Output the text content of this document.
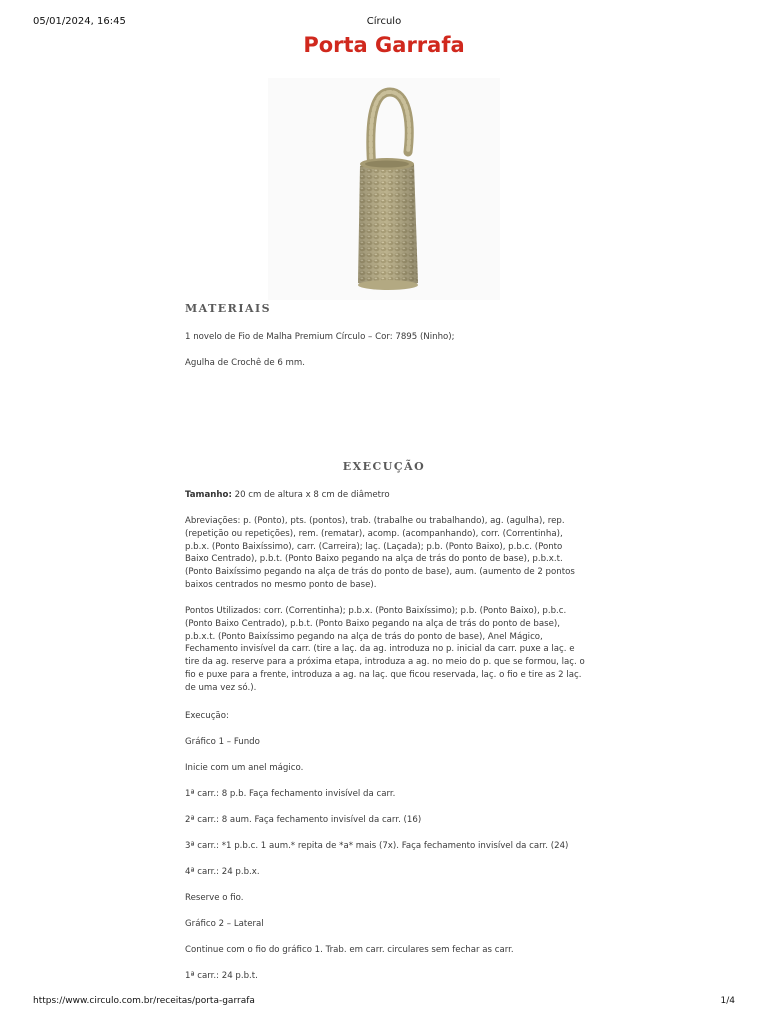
05/01/2024, 16:45	Círculo
Porta Garrafa
MATERIAIS

1 novelo de Fio de Malha Premium Círculo – Cor: 7895 (Ninho);

Agulha de Crochê de 6 mm.

EXECUÇÃO

Tamanho: 20 cm de altura x 8 cm de diâmetro

Abreviações: p. (Ponto), pts. (pontos), trab. (trabalhe ou trabalhando), ag. (agulha), rep. (repetição ou repetições), rem. (rematar), acomp. (acompanhando), corr. (Correntinha), p.b.x. (Ponto Baixíssimo), carr. (Carreira); laç. (Laçada); p.b. (Ponto Baixo), p.b.c. (Ponto Baixo Centrado), p.b.t. (Ponto Baixo pegando na alça de trás do ponto de base), p.b.x.t. (Ponto Baixíssimo pegando na alça de trás do ponto de base), aum. (aumento de 2 pontos baixos centrados no mesmo ponto de base).

Pontos Utilizados: corr. (Correntinha); p.b.x. (Ponto Baixíssimo); p.b. (Ponto Baixo), p.b.c. (Ponto Baixo Centrado), p.b.t. (Ponto Baixo pegando na alça de trás do ponto de base), p.b.x.t. (Ponto Baixíssimo pegando na alça de trás do ponto de base), Anel Mágico, Fechamento invisível da carr. (tire a laç. da ag. introduza no p. inicial da carr. puxe a laç. e tire da ag. reserve para a próxima etapa, introduza a ag. no meio do p. que se formou, laç. o fio e puxe para a frente, introduza a ag. na laç. que ficou reservada, laç. o fio e tire as 2 laç. de uma vez só.).

Execução:

Gráfico 1 – Fundo

Inicie com um anel mágico.

1ª carr.: 8 p.b. Faça fechamento invisível da carr.

2ª carr.: 8 aum. Faça fechamento invisível da carr. (16)

3ª carr.: *1 p.b.c. 1 aum.* repita de *a* mais (7x). Faça fechamento invisível da carr. (24)

4ª carr.: 24 p.b.x.

Reserve o fio.

Gráfico 2 – Lateral

Continue com o fio do gráfico 1. Trab. em carr. circulares sem fechar as carr.

1ª carr.: 24 p.b.t.

https://www.circulo.com.br/receitas/porta-garrafa	1/4
